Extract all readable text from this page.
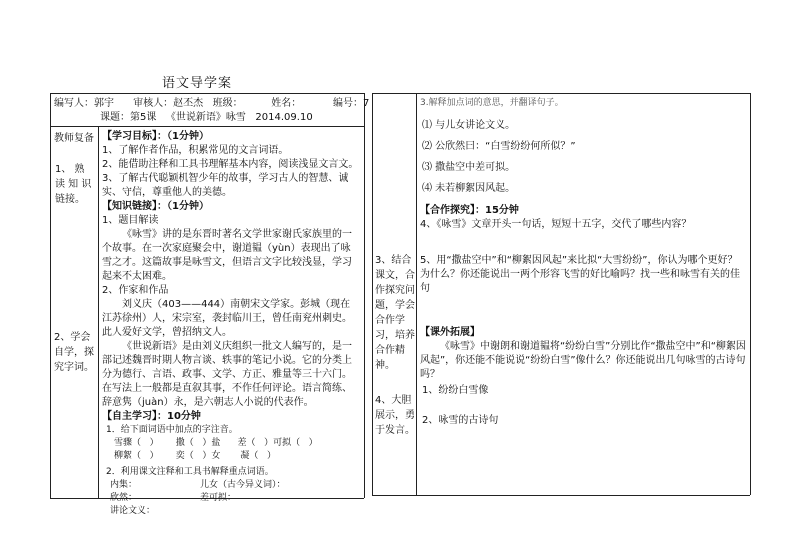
语文导学案
编写人：郭宇      审核人：赵丕杰   班级：         姓名：          编号：7
课题：第5课   《世说新语》咏雪   2014.09.10
教师复备
1、 熟 读 知 识 链接。
2、学会自学，探究字词。
【学习目标】：（1分钟）
1、了解作者作品，积累常见的文言词语。
2、能借助注释和工具书理解基本内容，阅读浅显文言文。
3、了解古代聪颖机智少年的故事，学习古人的智慧、诚实、守信，尊重他人的美德。
【知识链接】：（1分钟）
1、题目解读
《咏雪》讲的是东晋时著名文学世家谢氏家族里的一个故事。在一次家庭聚会中，谢道韫（yùn）表现出了咏雪之才。这篇故事是咏雪文，但语言文字比较浅显，学习起来不太困难。
2、作家和作品
刘义庆（403——444）南朝宋文学家。彭城（现在江苏徐州）人，宋宗室，袭封临川王，曾任南兖州刺史。此人爱好文学，曾招纳文人。
《世说新语》是由刘义庆组织一批文人编写的，是一部记述魏晋时期人物言谈、轶事的笔记小说。它的分类上分为德行、言语、政事、文学、方正、雅量等三十六门。在写法上一般都是直叙其事，不作任何评论。语言简练、辞意隽（juàn）永，是六朝志人小说的代表作。
【自主学习】：10分钟
1．给下面词语中加点的字注音。
雪骤（   ）      撒（   ）盐      差（   ）可拟（   ）
柳絮（   ）      奕（   ）女       凝（   ）
2．利用课文注释和工具书解释重点词语。
内集：	儿女（古今异义词）：
欣然：	差可拟：
讲论文义：
3、结合课文，合作探究问题，学会合作学习，培养合作精神。
4、大胆展示，勇于发言。
3.解释加点词的意思，并翻译句子。
⑴ 与儿女讲论文义。
⑵ 公欣然曰：“白雪纷纷何所似？”
⑶ 撒盐空中差可拟。
⑷ 未若柳絮因风起。
【合作探究】：15分钟
4、《咏雪》文章开头一句话，短短十五字，交代了哪些内容？
5、用“撒盐空中”和“柳絮因风起”来比拟“大雪纷纷”，你认为哪个更好？为什么？你还能说出一两个形容飞雪的好比喻吗？找一些和咏雪有关的佳句
【课外拓展】
《咏雪》中谢朗和谢道韫将“纷纷白雪”分别比作“撒盐空中”和“柳絮因风起”，你还能不能说说“纷纷白雪”像什么？你还能说出几句咏雪的古诗句吗？
1、纷纷白雪像
2、咏雪的古诗句
